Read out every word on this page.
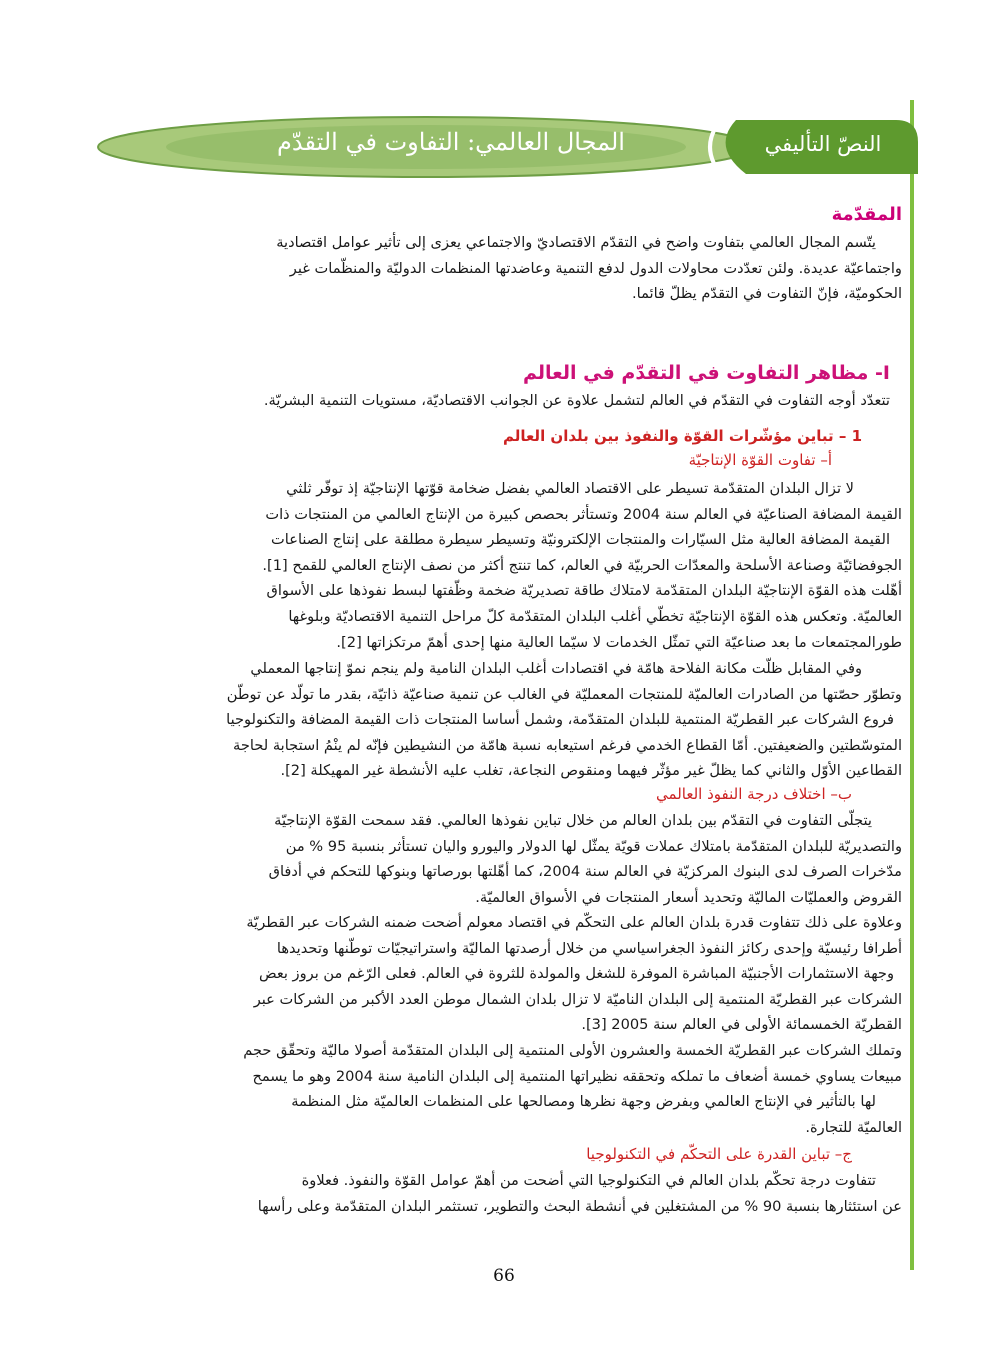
المجال العالمي: التفاوت في التقدّم	النصّ التأليفي
المقدّمة
يتّسم المجال العالمي بتفاوت واضح في التقدّم الاقتصاديّ والاجتماعي يعزى إلى تأثير عوامل اقتصادية
واجتماعيّة عديدة. ولئن تعدّدت محاولات الدول لدفع التنمية وعاضدتها المنظمات الدوليّة والمنظّمات غير
الحكوميّة، فإنّ التفاوت في التقدّم يظلّ قائما.
I- مظاهر التفاوت في التقدّم في العالم
تتعدّد أوجه التفاوت في التقدّم في العالم لتشمل علاوة عن الجوانب الاقتصاديّة، مستويات التنمية البشريّة.
1 – تباين مؤشّرات القوّة والنفوذ بين بلدان العالم
أ– تفاوت القوّة الإنتاجيّة
لا تزال البلدان المتقدّمة تسيطر على الاقتصاد العالمي بفضل ضخامة قوّتها الإنتاجيّة إذ توفّر ثلثي
القيمة المضافة الصناعيّة في العالم سنة 2004 وتستأثر بحصص كبيرة من الإنتاج العالمي من المنتجات ذات
القيمة المضافة العالية مثل السيّارات والمنتجات الإلكترونيّة وتسيطر سيطرة مطلقة على إنتاج الصناعات
الجوفضائيّة وصناعة الأسلحة والمعدّات الحربيّة في العالم، كما تنتج أكثر من نصف الإنتاج العالمي للقمح [1].
أهّلت هذه القوّة الإنتاجيّة البلدان المتقدّمة لامتلاك طاقة تصديريّة ضخمة وظّفتها لبسط نفوذها على الأسواق
العالميّة. وتعكس هذه القوّة الإنتاجيّة تخطّي أغلب البلدان المتقدّمة كلّ مراحل التنمية الاقتصاديّة وبلوغها
طورالمجتمعات ما بعد صناعيّة التي تمثّل الخدمات لا سيّما العالية منها إحدى أهمّ مرتكزاتها [2].
وفي المقابل ظلّت مكانة الفلاحة هامّة في اقتصادات أغلب البلدان النامية ولم ينجم نموّ إنتاجها المعملي
وتطوّر حصّتها من الصادرات العالميّة للمنتجات المعمليّة في الغالب عن تنمية صناعيّة ذاتيّة، بقدر ما تولّد عن توطّن
فروع الشركات عبر القطريّة المنتمية للبلدان المتقدّمة، وشمل أساسا المنتجات ذات القيمة المضافة والتكنولوجيا
المتوسّطتين والضعيفتين. أمّا القطاع الخدمي فرغم استيعابه نسبة هامّة من النشيطين فإنّه لم ينْمُ استجابة لحاجة
القطاعين الأوّل والثاني كما يظلّ غير مؤثّر فيهما ومنقوص النجاعة، تغلب عليه الأنشطة غير المهيكلة [2].
ب– اختلاف درجة النفوذ العالمي
يتجلّى التفاوت في التقدّم بين بلدان العالم من خلال تباين نفوذها العالمي. فقد سمحت القوّة الإنتاجيّة
والتصديريّة للبلدان المتقدّمة بامتلاك عملات قويّة يمثّل لها الدولار واليورو واليان تستأثر بنسبة 95 % من
مدّخرات الصرف لدى البنوك المركزيّة في العالم سنة 2004، كما أهّلتها بورصاتها وبنوكها للتحكم في أدفاق
القروض والعمليّات الماليّة وتحديد أسعار المنتجات في الأسواق العالميّة.
وعلاوة على ذلك تتفاوت قدرة بلدان العالم على التحكّم في اقتصاد معولم أضحت ضمنه الشركات عبر القطريّة
أطرافا رئيسيّة وإحدى ركائز النفوذ الجغراسياسي من خلال أرصدتها الماليّة واستراتيجيّات توطّنها وتحديدها
وجهة الاستثمارات الأجنبيّة المباشرة الموفرة للشغل والمولدة للثروة في العالم. فعلى الرّغم من بروز بعض
الشركات عبر القطريّة المنتمية إلى البلدان الناميّة لا تزال بلدان الشمال موطن العدد الأكبر من الشركات عبر
القطريّة الخمسمائة الأولى في العالم سنة 2005 [3].
وتملك الشركات عبر القطريّة الخمسة والعشرون الأولى المنتمية إلى البلدان المتقدّمة أصولا ماليّة وتحقّق حجم
مبيعات يساوي خمسة أضعاف ما تملكه وتحققه نظيراتها المنتمية إلى البلدان النامية سنة 2004 وهو ما يسمح
لها بالتأثير في الإنتاج العالمي وبفرض وجهة نظرها ومصالحها على المنظمات العالميّة مثل المنظمة
العالميّة للتجارة.
ج– تباين القدرة على التحكّم في التكنولوجيا
تتفاوت درجة تحكّم بلدان العالم في التكنولوجيا التي أضحت من أهمّ عوامل القوّة والنفوذ. فعلاوة
عن استئثارها بنسبة 90 % من المشتغلين في أنشطة البحث والتطوير، تستثمر البلدان المتقدّمة وعلى رأسها
66
